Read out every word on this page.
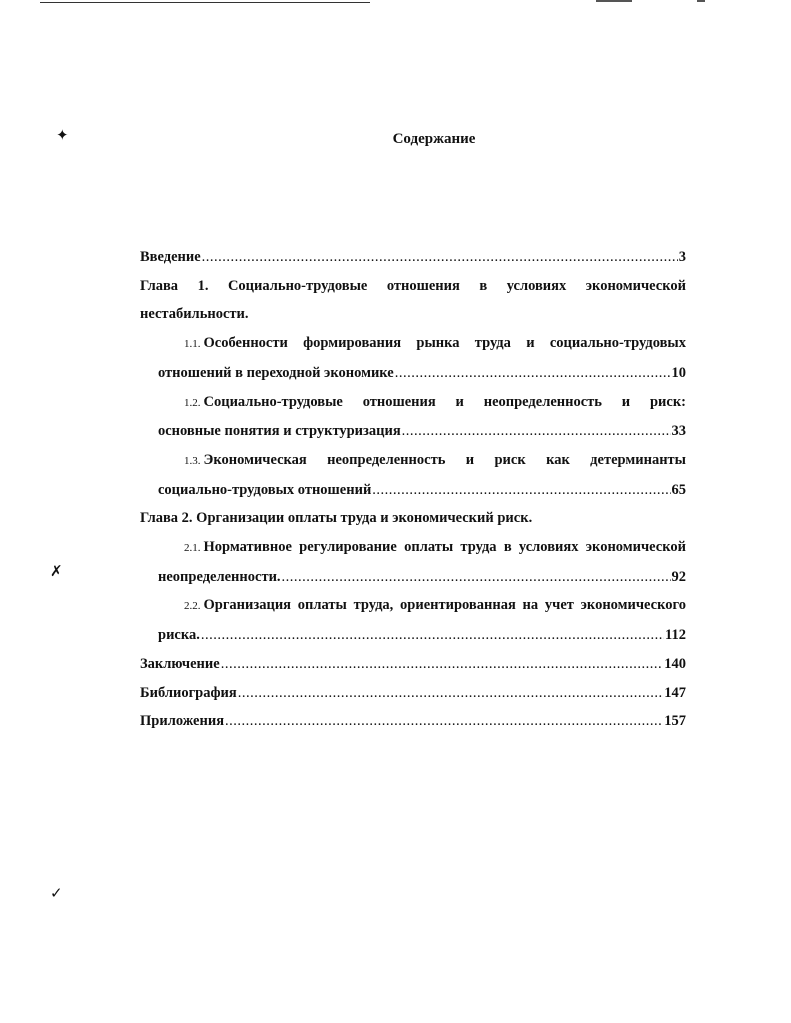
✦
✗
✓
Содержание
Введение .....	3
Глава 1. Социально-трудовые отношения в условиях экономической
нестабильности.
1.1. Особенности формирования рынка труда и социально-трудовых
отношений в переходной экономике .....	10
1.2. Социально-трудовые отношения и неопределенность и риск:
основные понятия и структуризация .....	33
1.3. Экономическая неопределенность и риск как детерминанты
социально-трудовых отношений .....	65
Глава 2. Организации оплаты труда и экономический риск.
2.1. Нормативное регулирование оплаты труда в условиях экономической
неопределенности. .....	92
2.2. Организация оплаты труда, ориентированная на учет экономического
риска. .....	112
Заключение .....	140
Библиография .....	147
Приложения .....	157
